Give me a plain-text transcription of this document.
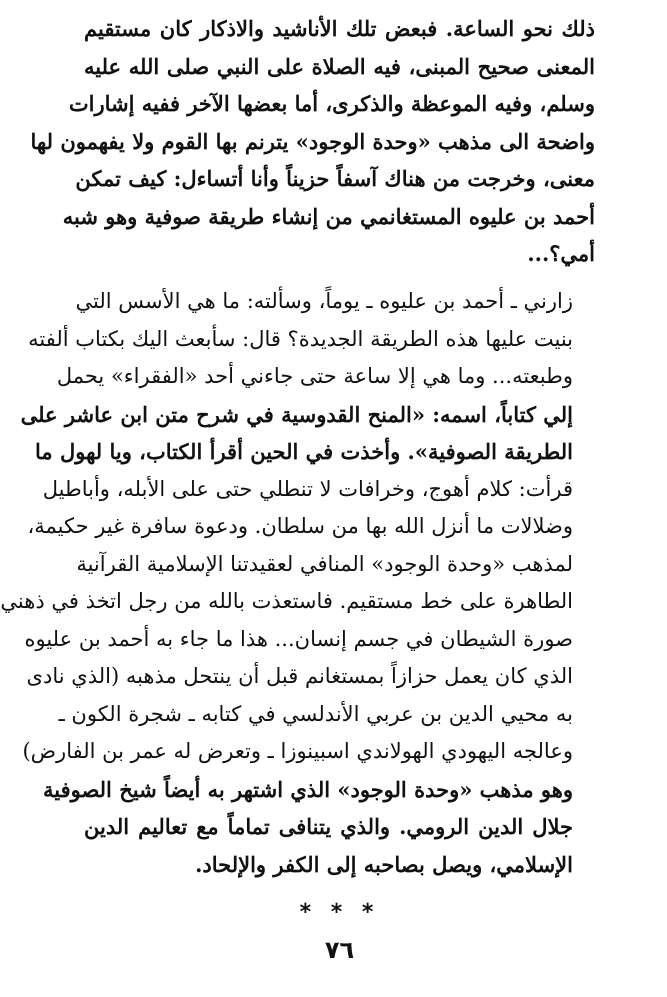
ذلك نحو الساعة. فبعض تلك الأناشيد والاذكار كان مستقيم
المعنى صحيح المبنى، فيه الصلاة على النبي صلى الله عليه
وسلم، وفيه الموعظة والذكرى، أما بعضها الآخر ففيه إشارات
واضحة الى مذهب «وحدة الوجود» يترنم بها القوم ولا يفهمون لها
معنى، وخرجت من هناك آسفاً حزيناً وأنا أتساءل: كيف تمكن
أحمد بن عليوه المستغانمي من إنشاء طريقة صوفية وهو شبه
أمي؟...
زارني ـ أحمد بن عليوه ـ يوماً، وسألته: ما هي الأسس التي
بنيت عليها هذه الطريقة الجديدة؟ قال: سأبعث اليك بكتاب ألفته
وطبعته... وما هي إلا ساعة حتى جاءني أحد «الفقراء» يحمل
إلي كتاباً، اسمه: «المنح القدوسية في شرح متن ابن عاشر على
الطريقة الصوفية». وأخذت في الحين أقرأ الكتاب، ويا لهول ما
قرأت: كلام أهوج، وخرافات لا تنطلي حتى على الأبله، وأباطيل
وضلالات ما أنزل الله بها من سلطان. ودعوة سافرة غير حكيمة،
لمذهب «وحدة الوجود» المنافي لعقيدتنا الإسلامية القرآنية
الطاهرة على خط مستقيم. فاستعذت بالله من رجل اتخذ في ذهني
صورة الشيطان في جسم إنسان... هذا ما جاء به أحمد بن عليوه
الذي كان يعمل حزازاً بمستغانم قبل أن ينتحل مذهبه (الذي نادى
به محيي الدين بن عربي الأندلسي في كتابه ـ شجرة الكون ـ
وعالجه اليهودي الهولاندي اسبينوزا ـ وتعرض له عمر بن الفارض)
وهو مذهب «وحدة الوجود» الذي اشتهر به أيضاً شيخ الصوفية
جلال الدين الرومي. والذي يتنافى تماماً مع تعاليم الدين
الإسلامي، ويصل بصاحبه إلى الكفر والإلحاد.
* * *
٧٦
